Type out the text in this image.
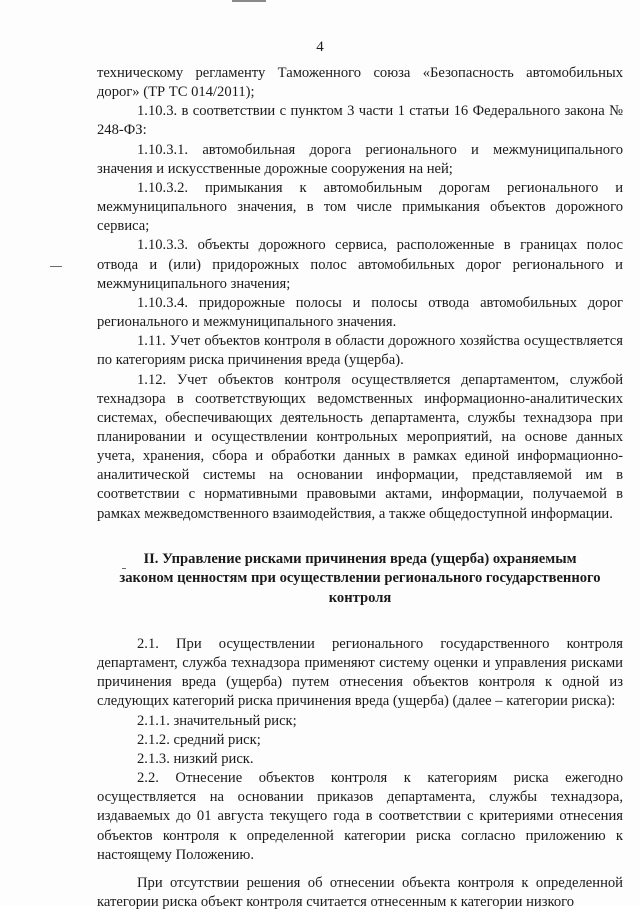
4

техническому регламенту Таможенного союза «Безопасность автомобильных дорог» (ТР ТС 014/2011);

1.10.3. в соответствии с пунктом 3 части 1 статьи 16 Федерального закона № 248-ФЗ:

1.10.3.1. автомобильная дорога регионального и межмуниципального значения и искусственные дорожные сооружения на ней;

1.10.3.2. примыкания к автомобильным дорогам регионального и межмуниципального значения, в том числе примыкания объектов дорожного сервиса;

1.10.3.3. объекты дорожного сервиса, расположенные в границах полос отвода и (или) придорожных полос автомобильных дорог регионального и межмуниципального значения;

1.10.3.4. придорожные полосы и полосы отвода автомобильных дорог регионального и межмуниципального значения.

1.11. Учет объектов контроля в области дорожного хозяйства осуществляется по категориям риска причинения вреда (ущерба).

1.12. Учет объектов контроля осуществляется департаментом, службой технадзора в соответствующих ведомственных информационно-аналитических системах, обеспечивающих деятельность департамента, службы технадзора при планировании и осуществлении контрольных мероприятий, на основе данных учета, хранения, сбора и обработки данных в рамках единой информационно-аналитической системы на основании информации, представляемой им в соответствии с нормативными правовыми актами, информации, получаемой в рамках межведомственного взаимодействия, а также общедоступной информации.

II. Управление рисками причинения вреда (ущерба) охраняемым законом ценностям при осуществлении регионального государственного контроля

2.1. При осуществлении регионального государственного контроля департамент, служба технадзора применяют систему оценки и управления рисками причинения вреда (ущерба) путем отнесения объектов контроля к одной из следующих категорий риска причинения вреда (ущерба) (далее – категории риска):

2.1.1. значительный риск;

2.1.2. средний риск;

2.1.3. низкий риск.

2.2. Отнесение объектов контроля к категориям риска ежегодно осуществляется на основании приказов департамента, службы технадзора, издаваемых до 01 августа текущего года в соответствии с критериями отнесения объектов контроля к определенной категории риска согласно приложению к настоящему Положению.

При отсутствии решения об отнесении объекта контроля к определенной категории риска объект контроля считается отнесенным к категории низкого
